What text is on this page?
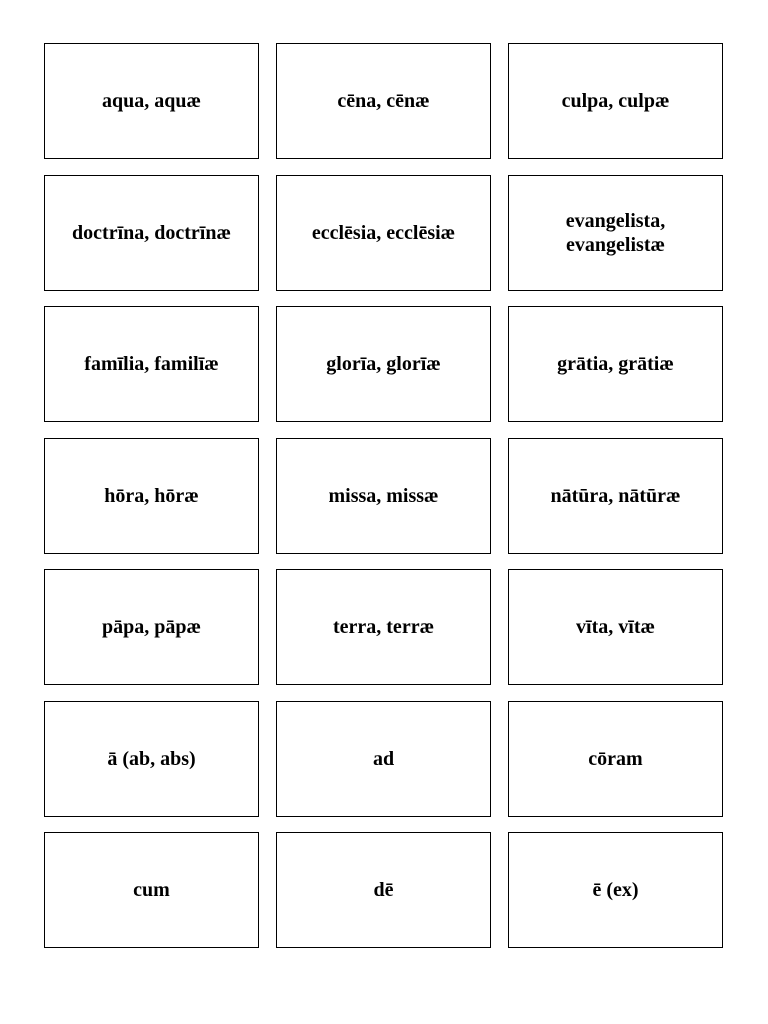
aqua, aquæ	cēna, cēnæ	culpa, culpæ
doctrīna, doctrīnæ	ecclēsia, ecclēsiæ
evangelista,
evangelistæ
famīlia, familīæ	glorīa, glorīæ	grātia, grātiæ
hōra, hōræ	missa, missæ	nātūra, nātūræ
pāpa, pāpæ	terra, terræ	vīta, vītæ
ā (ab, abs)	ad	cōram
cum	dē	ē (ex)
